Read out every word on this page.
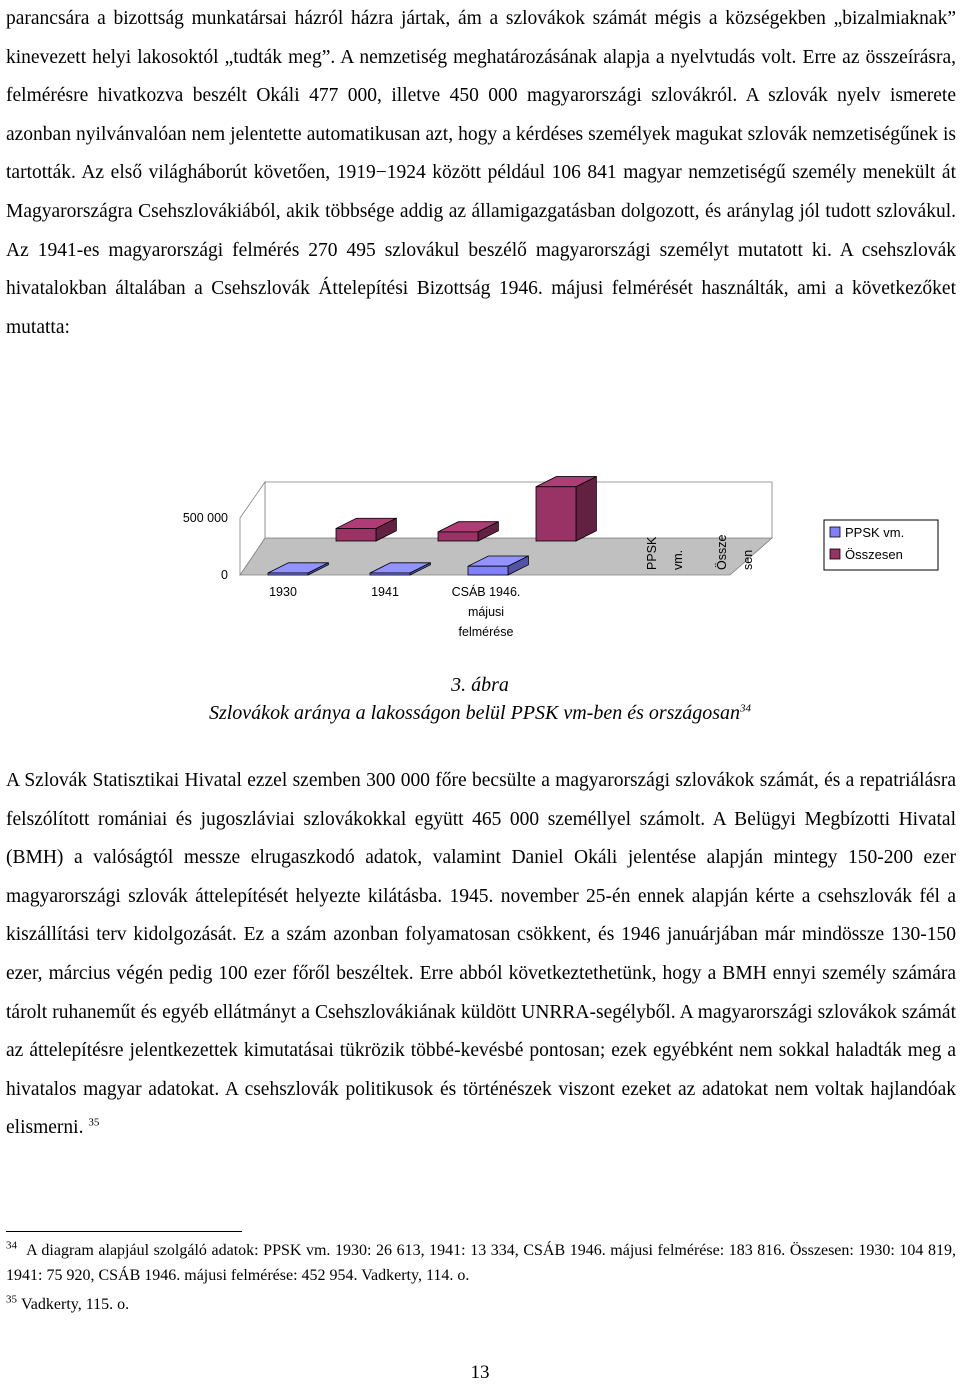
parancsára a bizottság munkatársai házról házra jártak, ám a szlovákok számát mégis a községekben „bizalmiaknak” kinevezett helyi lakosoktól „tudták meg”. A nemzetiség meghatározásának alapja a nyelvtudás volt. Erre az összeírásra, felmérésre hivatkozva beszélt Okáli 477 000, illetve 450 000 magyarországi szlovákról. A szlovák nyelv ismerete azonban nyilvánvalóan nem jelentette automatikusan azt, hogy a kérdéses személyek magukat szlovák nemzetiségűnek is tartották. Az első világháborút követően, 1919−1924 között például 106 841 magyar nemzetiségű személy menekült át Magyarországra Csehszlovákiából, akik többsége addig az államigazgatásban dolgozott, és aránylag jól tudott szlovákul. Az 1941-es magyarországi felmérés 270 495 szlovákul beszélő magyarországi személyt mutatott ki. A csehszlovák hivatalokban általában a Csehszlovák Áttelepítési Bizottság 1946. májusi felmérését használták, ami a következőket mutatta:

0
500 000
1930	1941	CSÁB 1946.
májusi
felmérése
PPSK vm. Össze sen
PPSK vm.
Összesen
3. ábra
Szlovákok aránya a lakosságon belül PPSK vm-ben és országosan$^{34}$

A Szlovák Statisztikai Hivatal ezzel szemben 300 000 főre becsülte a magyarországi szlovákok számát, és a repatriálásra felszólított romániai és jugoszláviai szlovákokkal együtt 465 000 személlyel számolt. A Belügyi Megbízotti Hivatal (BMH) a valóságtól messze elrugaszkodó adatok, valamint Daniel Okáli jelentése alapján mintegy 150-200 ezer magyarországi szlovák áttelepítését helyezte kilátásba. 1945. november 25-én ennek alapján kérte a csehszlovák fél a kiszállítási terv kidolgozását. Ez a szám azonban folyamatosan csökkent, és 1946 januárjában már mindössze 130-150 ezer, március végén pedig 100 ezer főről beszéltek. Erre abból következtethetünk, hogy a BMH ennyi személy számára tárolt ruhaneműt és egyéb ellátmányt a Csehszlovákiának küldött UNRRA-segélyből. A magyarországi szlovákok számát az áttelepítésre jelentkezettek kimutatásai tükrözik többé-kevésbé pontosan; ezek egyébként nem sokkal haladták meg a hivatalos magyar adatokat. A csehszlovák politikusok és történészek viszont ezeket az adatokat nem voltak hajlandóak elismerni. $^{35}$

$^{34}$ A diagram alapjául szolgáló adatok: PPSK vm. 1930: 26 613, 1941: 13 334, CSÁB 1946. májusi felmérése: 183 816. Összesen: 1930: 104 819, 1941: 75 920, CSÁB 1946. májusi felmérése: 452 954. Vadkerty, 114. o.

$^{35}$ Vadkerty, 115. o.

13
